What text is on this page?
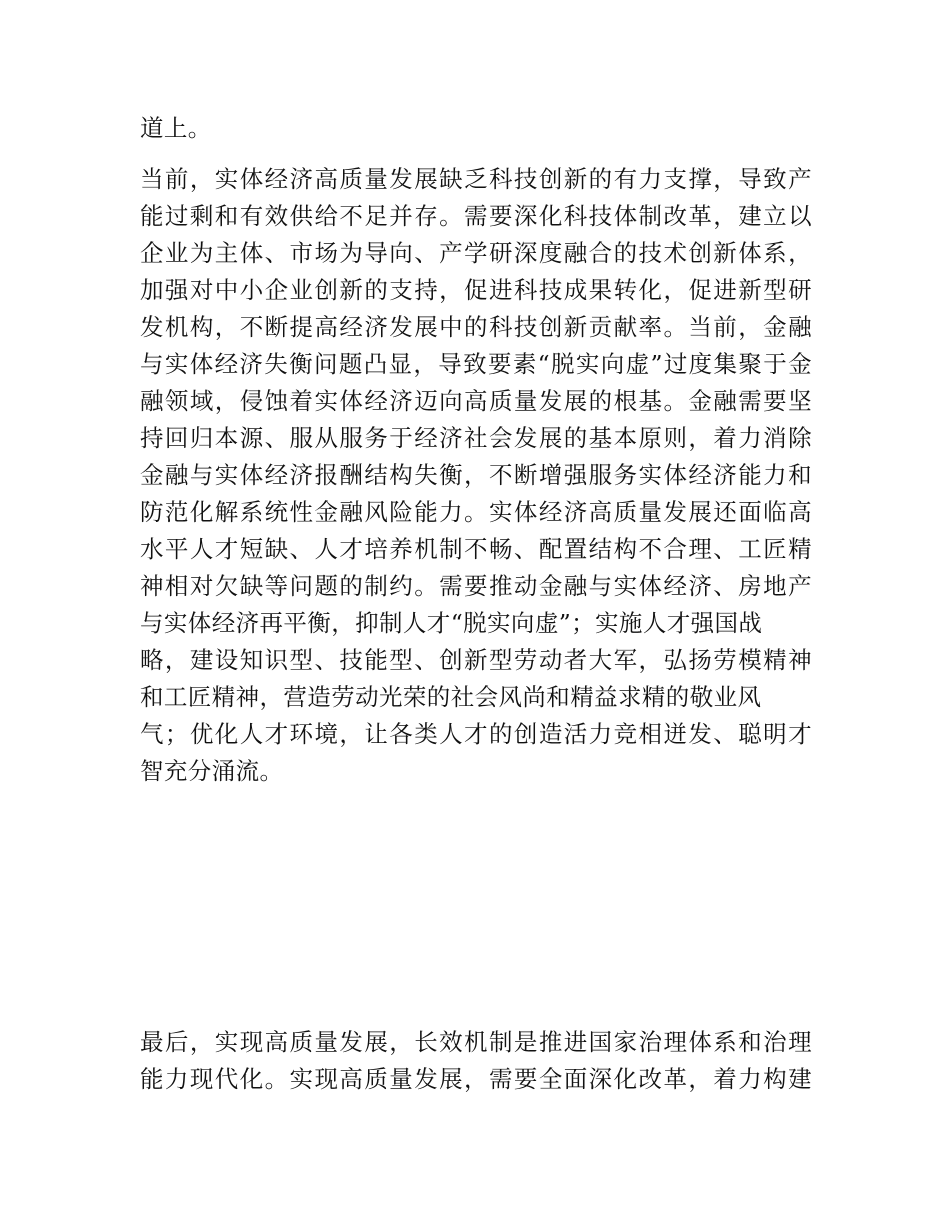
道上。
当前，实体经济高质量发展缺乏科技创新的有力支撑，导致产
能过剩和有效供给不足并存。需要深化科技体制改革，建立以
企业为主体、市场为导向、产学研深度融合的技术创新体系，
加强对中小企业创新的支持，促进科技成果转化，促进新型研
发机构，不断提高经济发展中的科技创新贡献率。当前，金融
与实体经济失衡问题凸显，导致要素“脱实向虚”过度集聚于金
融领域，侵蚀着实体经济迈向高质量发展的根基。金融需要坚
持回归本源、服从服务于经济社会发展的基本原则，着力消除
金融与实体经济报酬结构失衡，不断增强服务实体经济能力和
防范化解系统性金融风险能力。实体经济高质量发展还面临高
水平人才短缺、人才培养机制不畅、配置结构不合理、工匠精
神相对欠缺等问题的制约。需要推动金融与实体经济、房地产
与实体经济再平衡，抑制人才“脱实向虚”；实施人才强国战
略，建设知识型、技能型、创新型劳动者大军，弘扬劳模精神
和工匠精神，营造劳动光荣的社会风尚和精益求精的敬业风
气；优化人才环境，让各类人才的创造活力竞相迸发、聪明才
智充分涌流。
最后，实现高质量发展，长效机制是推进国家治理体系和治理
能力现代化。实现高质量发展，需要全面深化改革，着力构建
